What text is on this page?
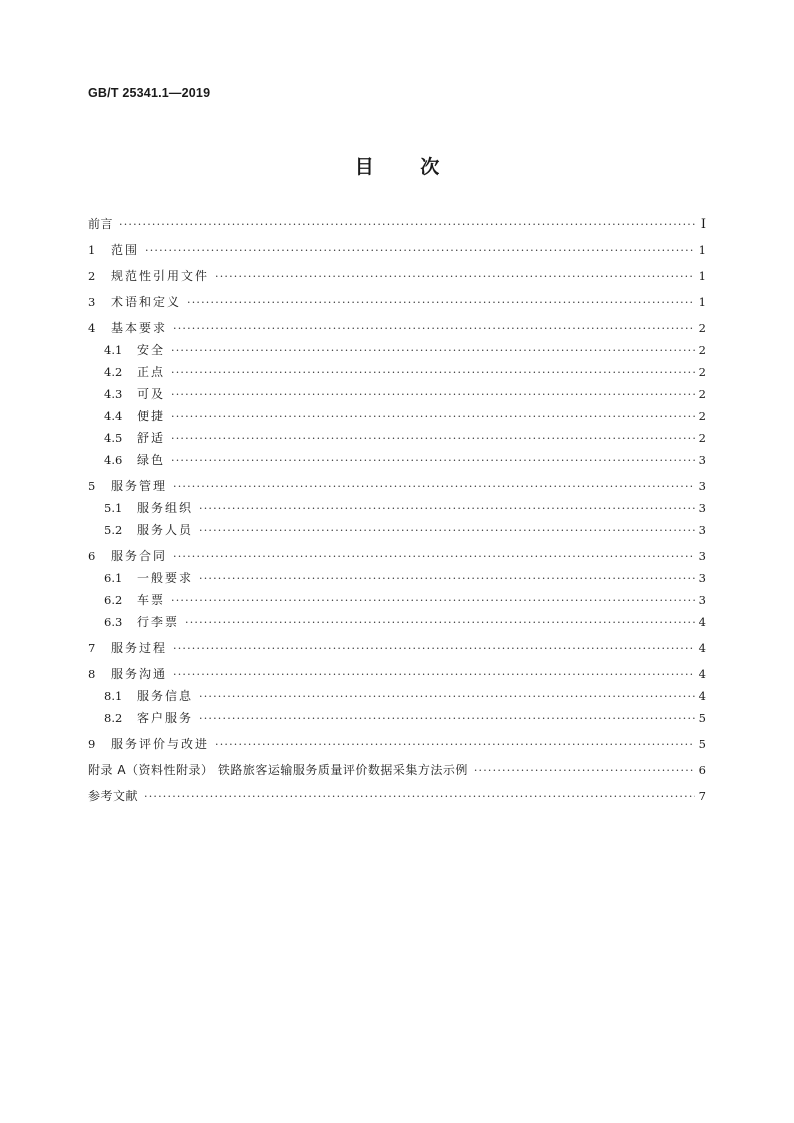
GB/T 25341.1—2019
目 次
前言 ·····	I
1	范围 ·····	1
2	规范性引用文件 ·····	1
3	术语和定义 ·····	1
4	基本要求 ·····	2
4.1	安全 ·····	2
4.2	正点 ·····	2
4.3	可及 ·····	2
4.4	便捷 ·····	2
4.5	舒适 ·····	2
4.6	绿色 ·····	3
5	服务管理 ·····	3
5.1	服务组织 ·····	3
5.2	服务人员 ·····	3
6	服务合同 ·····	3
6.1	一般要求 ·····	3
6.2	车票 ·····	3
6.3	行李票 ·····	4
7	服务过程 ·····	4
8	服务沟通 ·····	4
8.1	服务信息 ·····	4
8.2	客户服务 ·····	5
9	服务评价与改进 ·····	5
附录 A（资料性附录） 铁路旅客运输服务质量评价数据采集方法示例 ·····	6
参考文献 ·····	7
